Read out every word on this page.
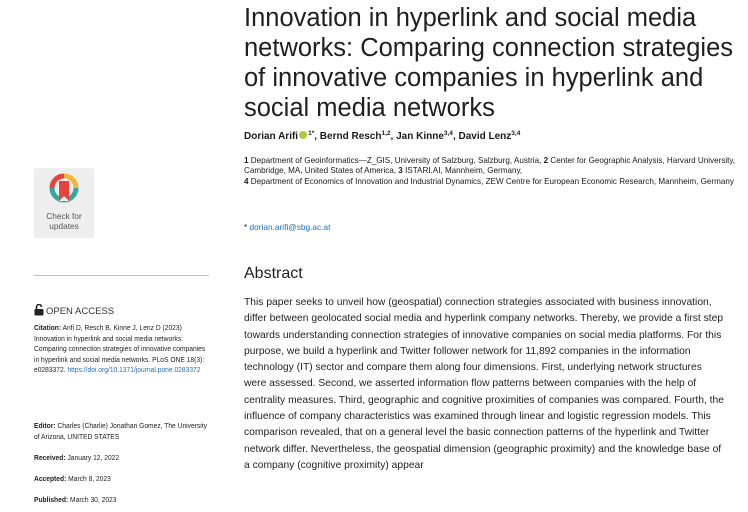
Innovation in hyperlink and social media networks: Comparing connection strategies of innovative companies in hyperlink and social media networks
Dorian Arifi $^{1*}$, Bernd Resch$^{1,2}$, Jan Kinne$^{3,4}$, David Lenz$^{3,4}$
1 Department of Geoinformatics—Z_GIS, University of Salzburg, Salzburg, Austria, 2 Center for Geographic Analysis, Harvard University, Cambridge, MA, United States of America, 3 ISTARI.AI, Mannheim, Germany,
4 Department of Economics of Innovation and Industrial Dynamics, ZEW Centre for European Economic Research, Mannheim, Germany
* dorian.arifi@sbg.ac.at
Check for
updates
OPEN ACCESS
Citation: Arifi D, Resch B, Kinne J, Lenz D (2023) Innovation in hyperlink and social media networks: Comparing connection strategies of innovative companies in hyperlink and social media networks. PLoS ONE 18(3): e0283372. https://doi.org/10.1371/journal.pone.0283372
Editor: Charles (Charlie) Jonathan Gomez, The University of Arizona, UNITED STATES
Received: January 12, 2022
Accepted: March 8, 2023
Published: March 30, 2023
Abstract
This paper seeks to unveil how (geospatial) connection strategies associated with business innovation, differ between geolocated social media and hyperlink company networks. Thereby, we provide a first step towards understanding connection strategies of innovative companies on social media platforms. For this purpose, we build a hyperlink and Twitter follower network for 11,892 companies in the information technology (IT) sector and compare them along four dimensions. First, underlying network structures were assessed. Second, we asserted information flow patterns between companies with the help of centrality measures. Third, geographic and cognitive proximities of companies was compared. Fourth, the influence of company characteristics was examined through linear and logistic regression models. This comparison revealed, that on a general level the basic connection patterns of the hyperlink and Twitter network differ. Nevertheless, the geospatial dimension (geographic proximity) and the knowledge base of a company (cognitive proximity) appear
